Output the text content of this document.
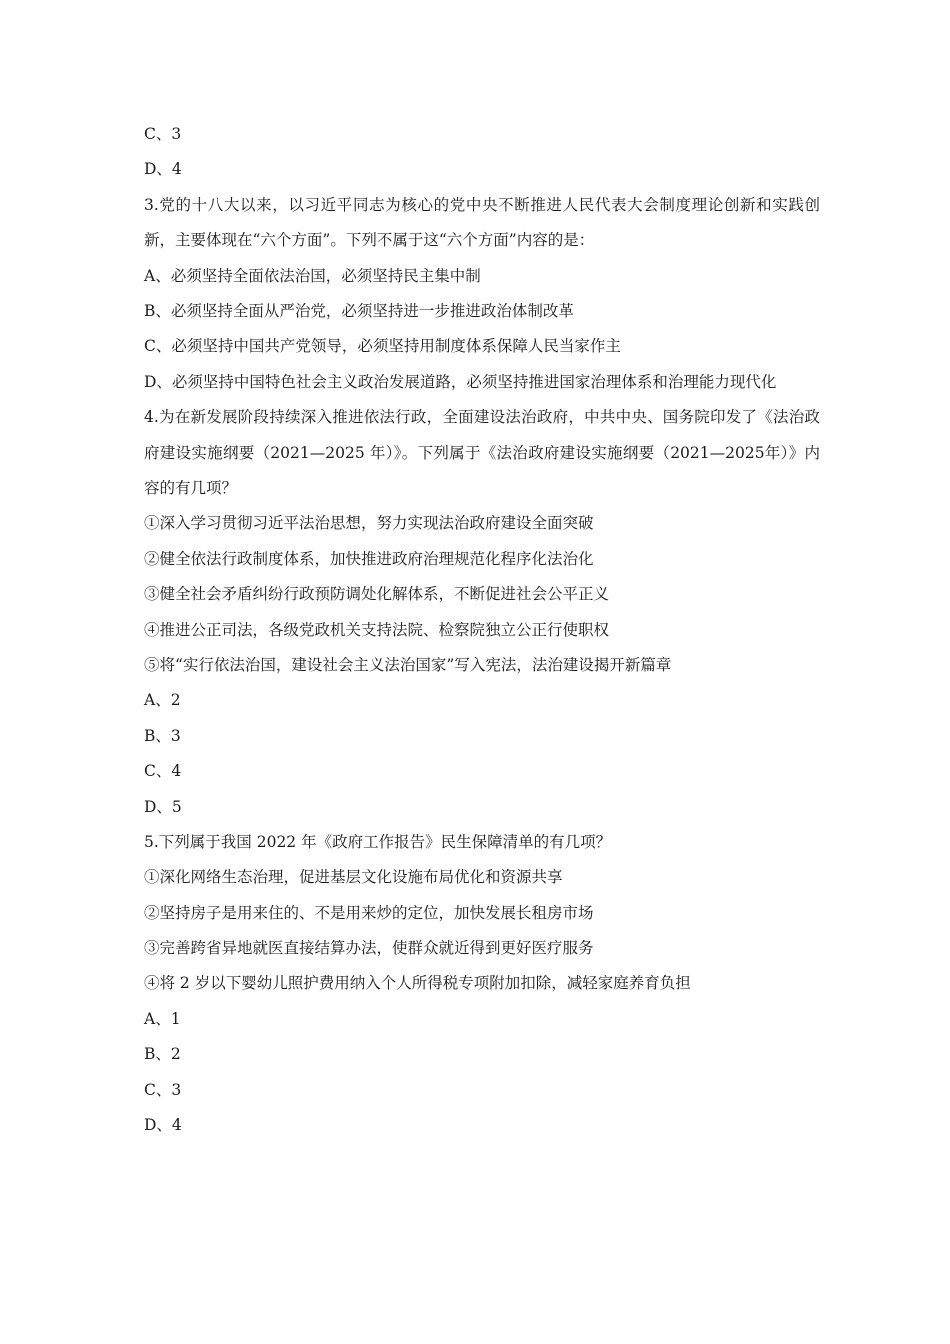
C、3
D、4
3.党的十八大以来，以习近平同志为核心的党中央不断推进人民代表大会制度理论创新和实践创新，主要体现在“六个方面”。下列不属于这“六个方面”内容的是：
A、必须坚持全面依法治国，必须坚持民主集中制
B、必须坚持全面从严治党，必须坚持进一步推进政治体制改革
C、必须坚持中国共产党领导，必须坚持用制度体系保障人民当家作主
D、必须坚持中国特色社会主义政治发展道路，必须坚持推进国家治理体系和治理能力现代化
4.为在新发展阶段持续深入推进依法行政，全面建设法治政府，中共中央、国务院印发了《法治政府建设实施纲要（2021—2025 年）》。下列属于《法治政府建设实施纲要（2021—2025年）》内容的有几项？
①深入学习贯彻习近平法治思想，努力实现法治政府建设全面突破
②健全依法行政制度体系，加快推进政府治理规范化程序化法治化
③健全社会矛盾纠纷行政预防调处化解体系，不断促进社会公平正义
④推进公正司法，各级党政机关支持法院、检察院独立公正行使职权
⑤将“实行依法治国，建设社会主义法治国家”写入宪法，法治建设揭开新篇章
A、2
B、3
C、4
D、5
5.下列属于我国 2022 年《政府工作报告》民生保障清单的有几项？
①深化网络生态治理，促进基层文化设施布局优化和资源共享
②坚持房子是用来住的、不是用来炒的定位，加快发展长租房市场
③完善跨省异地就医直接结算办法，使群众就近得到更好医疗服务
④将 2 岁以下婴幼儿照护费用纳入个人所得税专项附加扣除，减轻家庭养育负担
A、1
B、2
C、3
D、4
